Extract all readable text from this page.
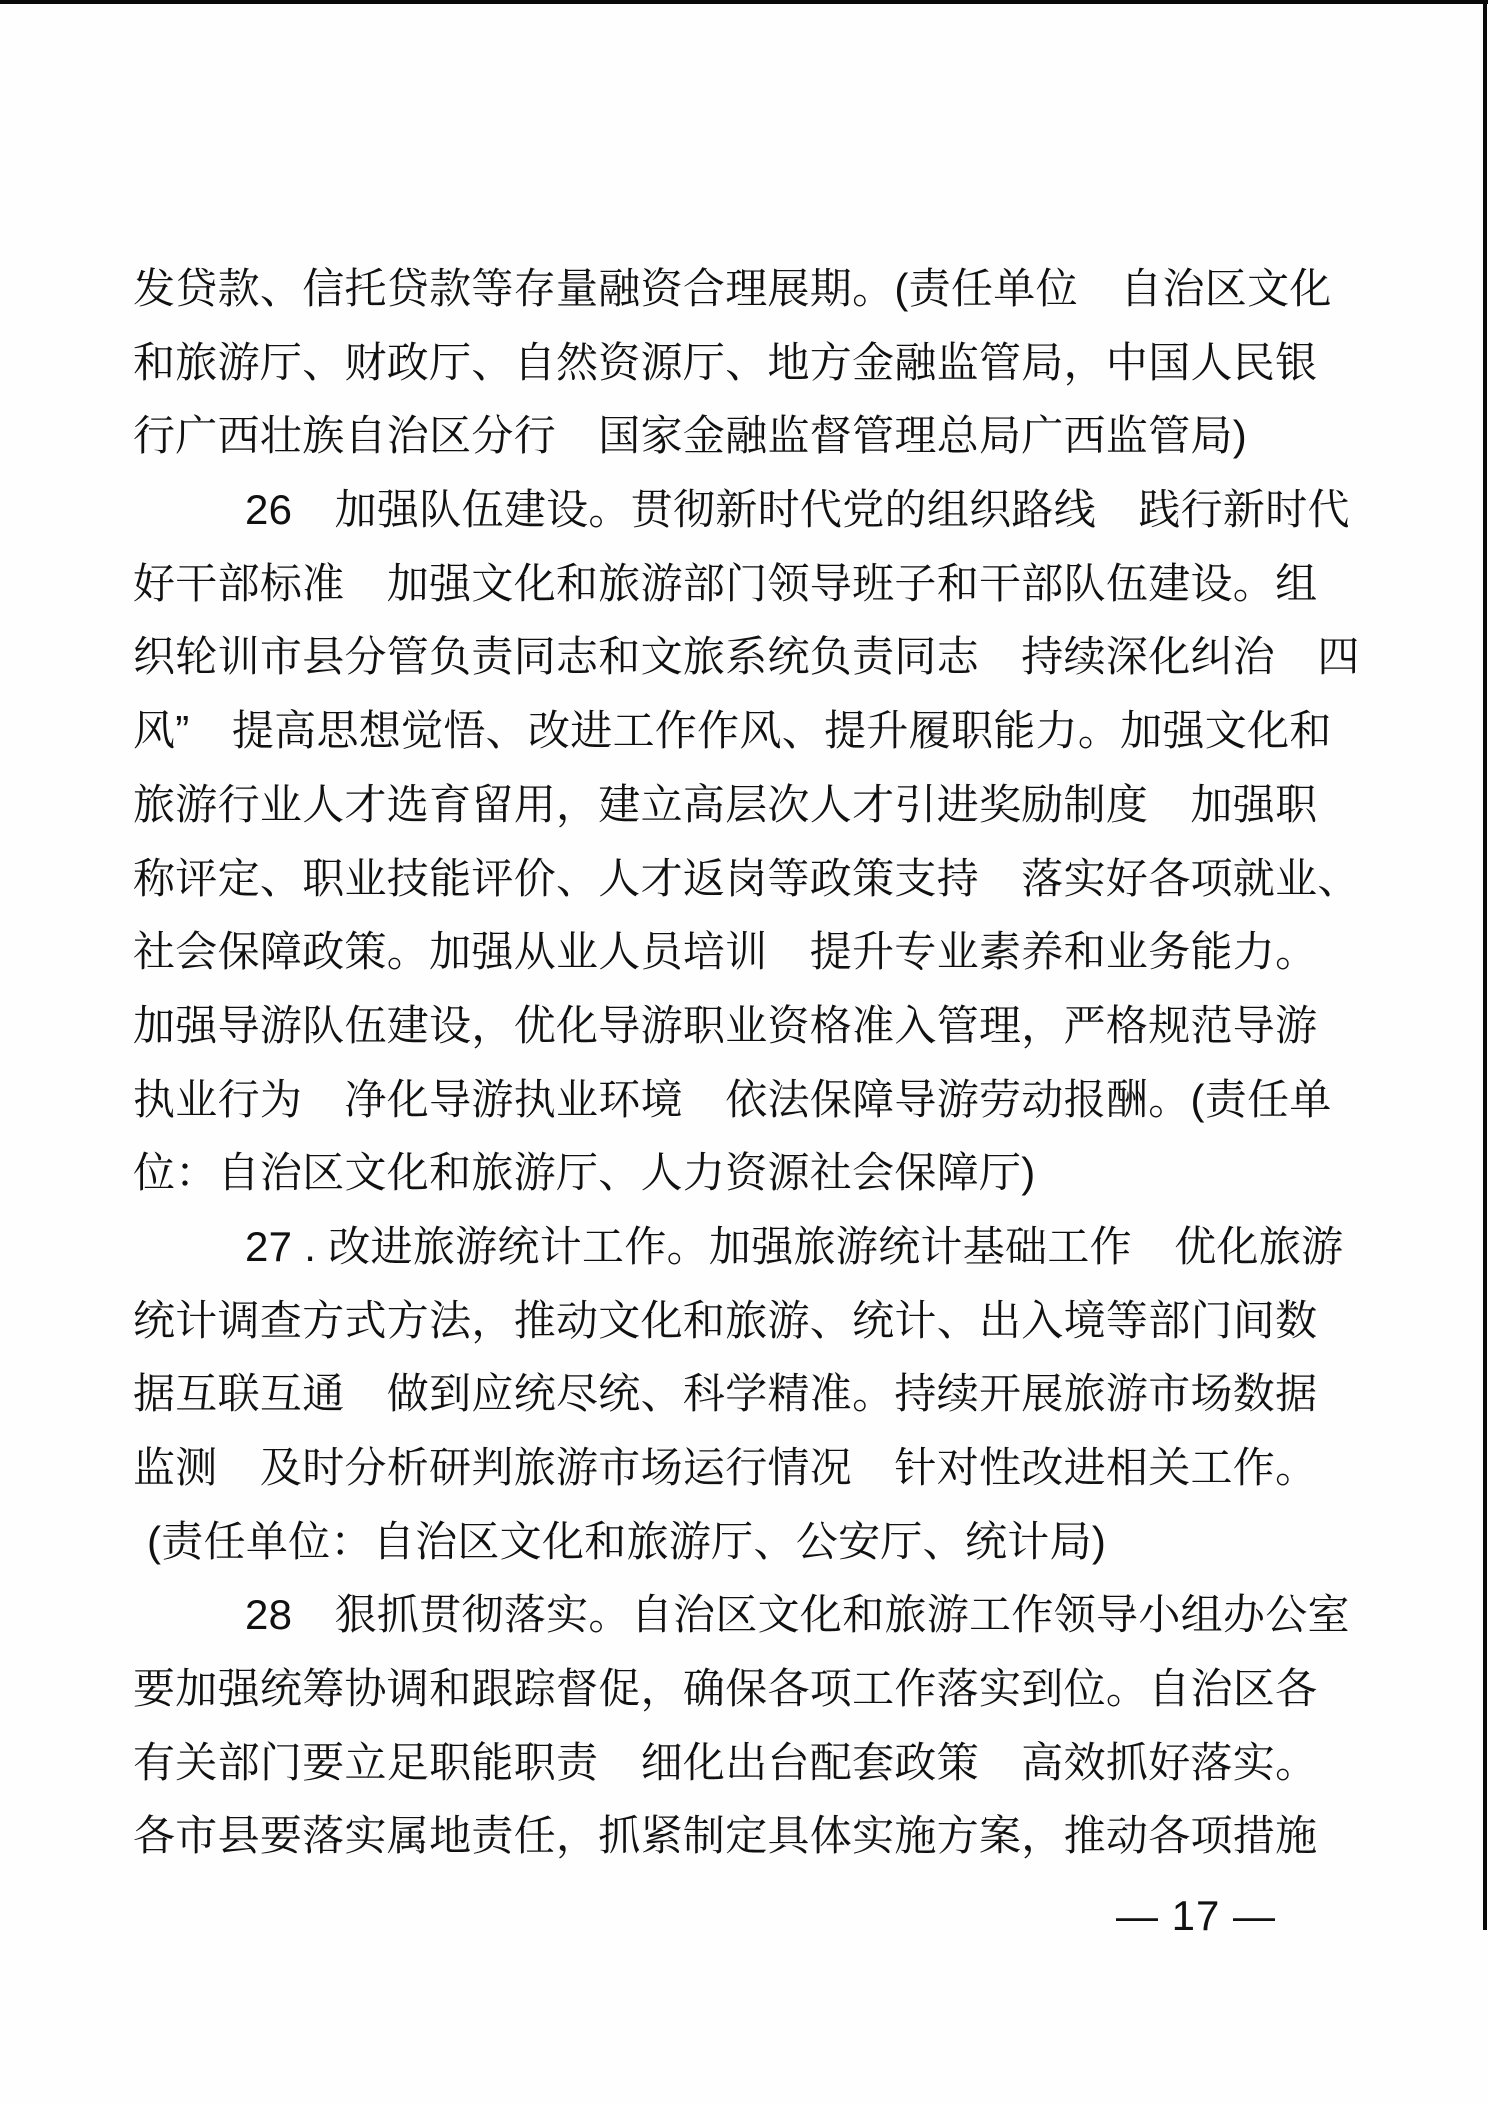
发贷款、信托贷款等存量融资合理展期。(责任单位　自治区文化
和旅游厅、财政厅、自然资源厅、地方金融监管局，中国人民银
行广西壮族自治区分行　国家金融监督管理总局广西监管局)
26　加强队伍建设。贯彻新时代党的组织路线　践行新时代
好干部标准　加强文化和旅游部门领导班子和干部队伍建设。组
织轮训市县分管负责同志和文旅系统负责同志　持续深化纠治　四
风”　提高思想觉悟、改进工作作风、提升履职能力。加强文化和
旅游行业人才选育留用，建立高层次人才引进奖励制度　加强职
称评定、职业技能评价、人才返岗等政策支持　落实好各项就业、
社会保障政策。加强从业人员培训　提升专业素养和业务能力。
加强导游队伍建设，优化导游职业资格准入管理，严格规范导游
执业行为　净化导游执业环境　依法保障导游劳动报酬。(责任单
位：自治区文化和旅游厅、人力资源社会保障厅)
27 . 改进旅游统计工作。加强旅游统计基础工作　优化旅游
统计调查方式方法，推动文化和旅游、统计、出入境等部门间数
据互联互通　做到应统尽统、科学精准。持续开展旅游市场数据
监测　及时分析研判旅游市场运行情况　针对性改进相关工作。
(责任单位：自治区文化和旅游厅、公安厅、统计局)
28　狠抓贯彻落实。自治区文化和旅游工作领导小组办公室
要加强统筹协调和跟踪督促，确保各项工作落实到位。自治区各
有关部门要立足职能职责　细化出台配套政策　高效抓好落实。
各市县要落实属地责任，抓紧制定具体实施方案，推动各项措施
— 17 —
